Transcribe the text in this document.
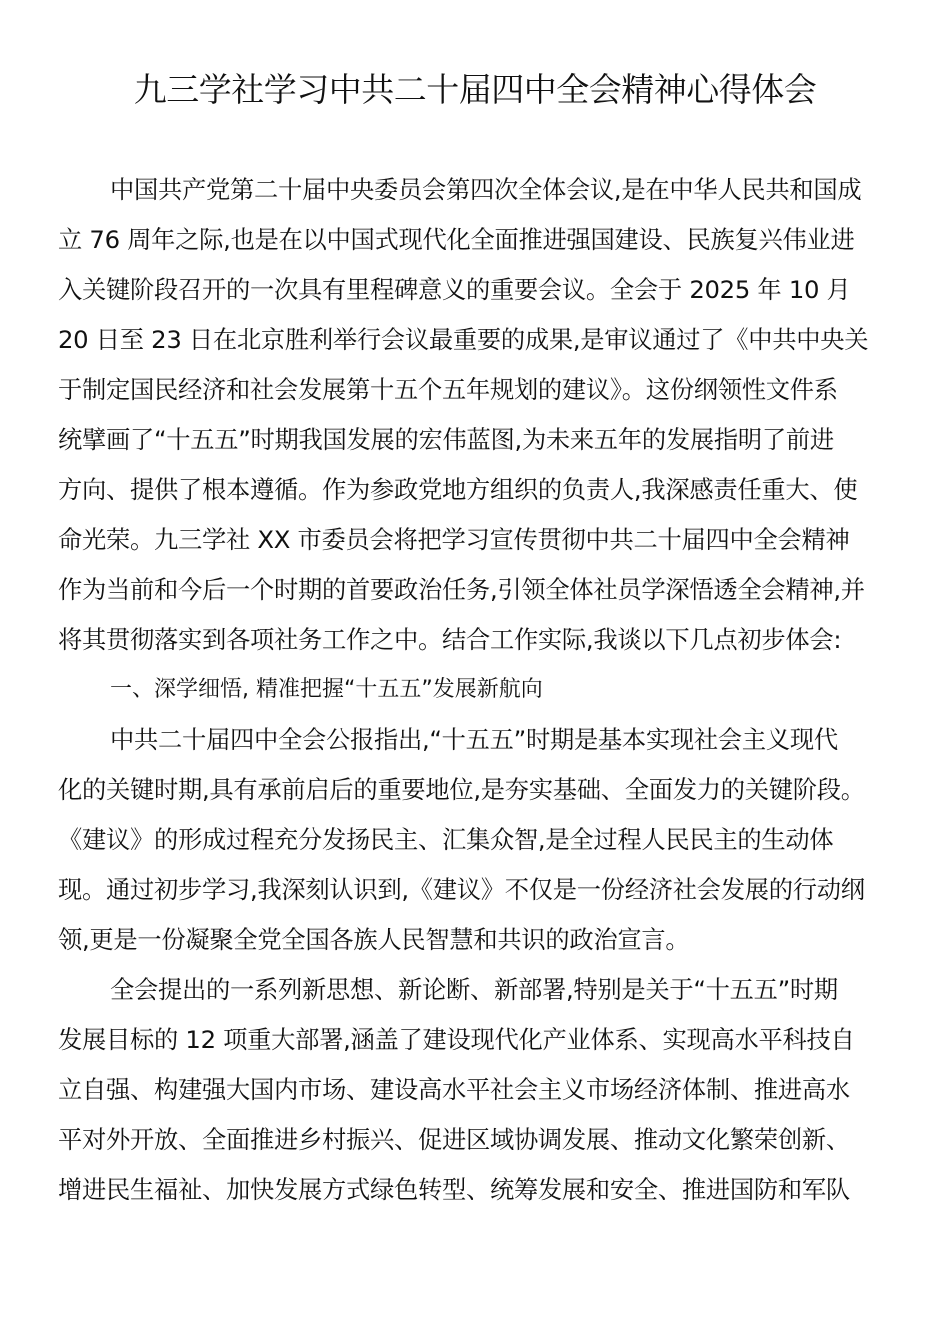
九三学社学习中共二十届四中全会精神心得体会

中国共产党第二十届中央委员会第四次全体会议,是在中华人民共和国成
立 76 周年之际,也是在以中国式现代化全面推进强国建设、民族复兴伟业进
入关键阶段召开的一次具有里程碑意义的重要会议。全会于 2025 年 10 月
20 日至 23 日在北京胜利举行会议最重要的成果,是审议通过了《中共中央关
于制定国民经济和社会发展第十五个五年规划的建议》。这份纲领性文件系
统擘画了“十五五”时期我国发展的宏伟蓝图,为未来五年的发展指明了前进
方向、提供了根本遵循。作为参政党地方组织的负责人,我深感责任重大、使
命光荣。九三学社 XX 市委员会将把学习宣传贯彻中共二十届四中全会精神
作为当前和今后一个时期的首要政治任务,引领全体社员学深悟透全会精神,并
将其贯彻落实到各项社务工作之中。结合工作实际,我谈以下几点初步体会:

一、深学细悟, 精准把握“十五五”发展新航向

中共二十届四中全会公报指出,“十五五”时期是基本实现社会主义现代
化的关键时期,具有承前启后的重要地位,是夯实基础、全面发力的关键阶段。
《建议》的形成过程充分发扬民主、汇集众智,是全过程人民民主的生动体
现。通过初步学习,我深刻认识到,《建议》不仅是一份经济社会发展的行动纲
领,更是一份凝聚全党全国各族人民智慧和共识的政治宣言。

全会提出的一系列新思想、新论断、新部署,特别是关于“十五五”时期
发展目标的 12 项重大部署,涵盖了建设现代化产业体系、实现高水平科技自
立自强、构建强大国内市场、建设高水平社会主义市场经济体制、推进高水
平对外开放、全面推进乡村振兴、促进区域协调发展、推动文化繁荣创新、
增进民生福祉、加快发展方式绿色转型、统筹发展和安全、推进国防和军队
